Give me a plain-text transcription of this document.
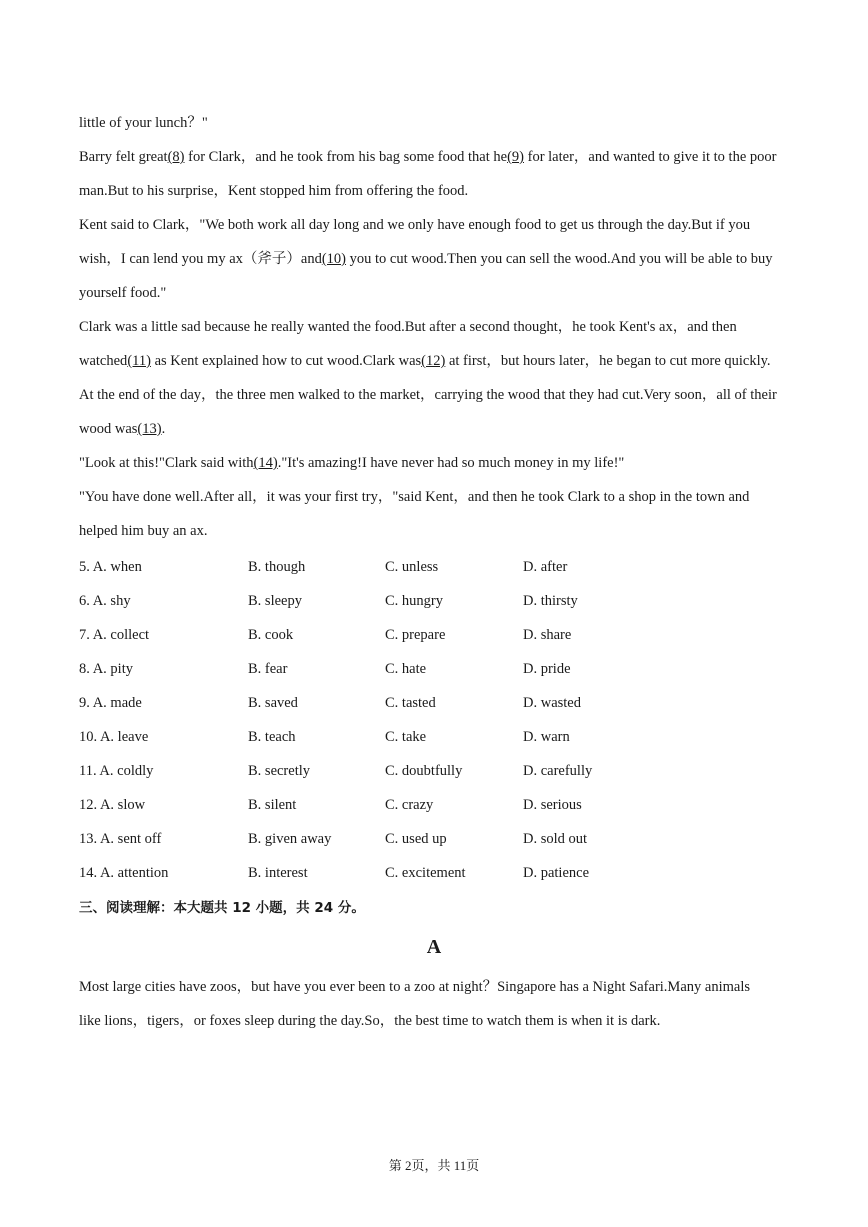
little of your lunch？"
Barry felt great(8) for Clark，and he took from his bag some food that he(9) for later，and wanted to give it to the poor
man.But to his surprise，Kent stopped him from offering the food.
Kent said to Clark，"We both work all day long and we only have enough food to get us through the day.But if you
wish，I can lend you my ax（斧子）and(10) you to cut wood.Then you can sell the wood.And you will be able to buy
yourself food."
Clark was a little sad because he really wanted the food.But after a second thought，he took Kent's ax，and then
watched(11) as Kent explained how to cut wood.Clark was(12) at first，but hours later，he began to cut more quickly.
At the end of the day，the three men walked to the market，carrying the wood that they had cut.Very soon，all of their
wood was(13).
"Look at this!"Clark said with(14)."It's amazing!I have never had so much money in my life!"
"You have done well.After all，it was your first try，"said Kent，and then he took Clark to a shop in the town and
helped him buy an ax.
5. A. when	B. though	C. unless	D. after
6. A. shy	B. sleepy	C. hungry	D. thirsty
7. A. collect	B. cook	C. prepare	D. share
8. A. pity	B. fear	C. hate	D. pride
9. A. made	B. saved	C. tasted	D. wasted
10. A. leave	B. teach	C. take	D. warn
11. A. coldly	B. secretly	C. doubtfully	D. carefully
12. A. slow	B. silent	C. crazy	D. serious
13. A. sent off	B. given away	C. used up	D. sold out
14. A. attention	B. interest	C. excitement	D. patience
三、阅读理解：本大题共 12 小题，共 24 分。
A
Most large cities have zoos，but have you ever been to a zoo at night？Singapore has a Night Safari.Many animals
like lions，tigers，or foxes sleep during the day.So，the best time to watch them is when it is dark.
第 2页，共 11页
